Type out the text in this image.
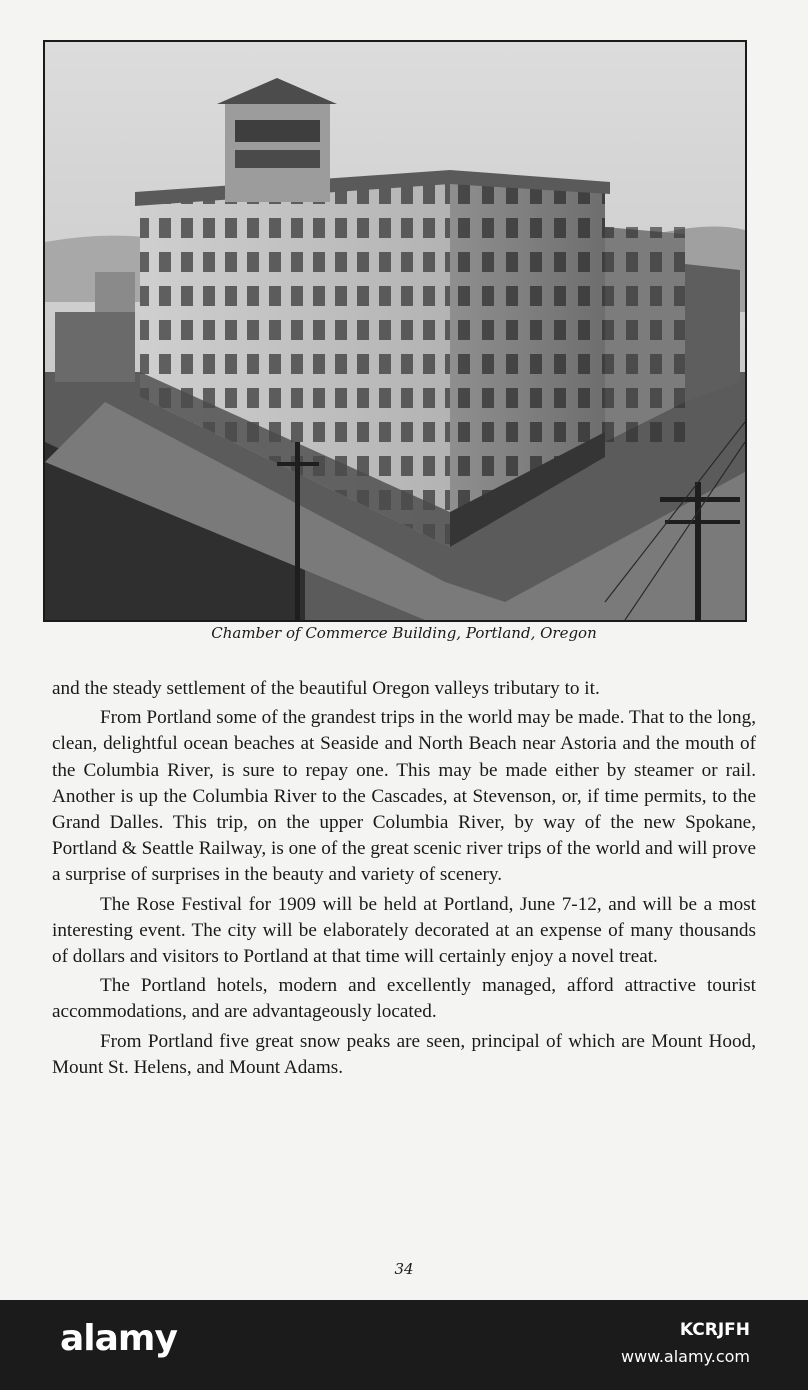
Chamber of Commerce Building, Portland, Oregon

and the steady settlement of the beautiful Oregon valleys tributary to it.

From Portland some of the grandest trips in the world may be made. That to the long, clean, delightful ocean beaches at Seaside and North Beach near Astoria and the mouth of the Columbia River, is sure to repay one. This may be made either by steamer or rail. Another is up the Columbia River to the Cascades, at Stevenson, or, if time permits, to the Grand Dalles. This trip, on the upper Columbia River, by way of the new Spokane, Portland & Seattle Railway, is one of the great scenic river trips of the world and will prove a surprise of surprises in the beauty and variety of scenery.

The Rose Festival for 1909 will be held at Portland, June 7-12, and will be a most interesting event. The city will be elaborately decorated at an expense of many thousands of dollars and visitors to Portland at that time will certainly enjoy a novel treat.

The Portland hotels, modern and excellently managed, afford attractive tourist accommodations, and are advantageously located.

From Portland five great snow peaks are seen, principal of which are Mount Hood, Mount St. Helens, and Mount Adams.

34
alamy	KCRJFH
www.alamy.com
